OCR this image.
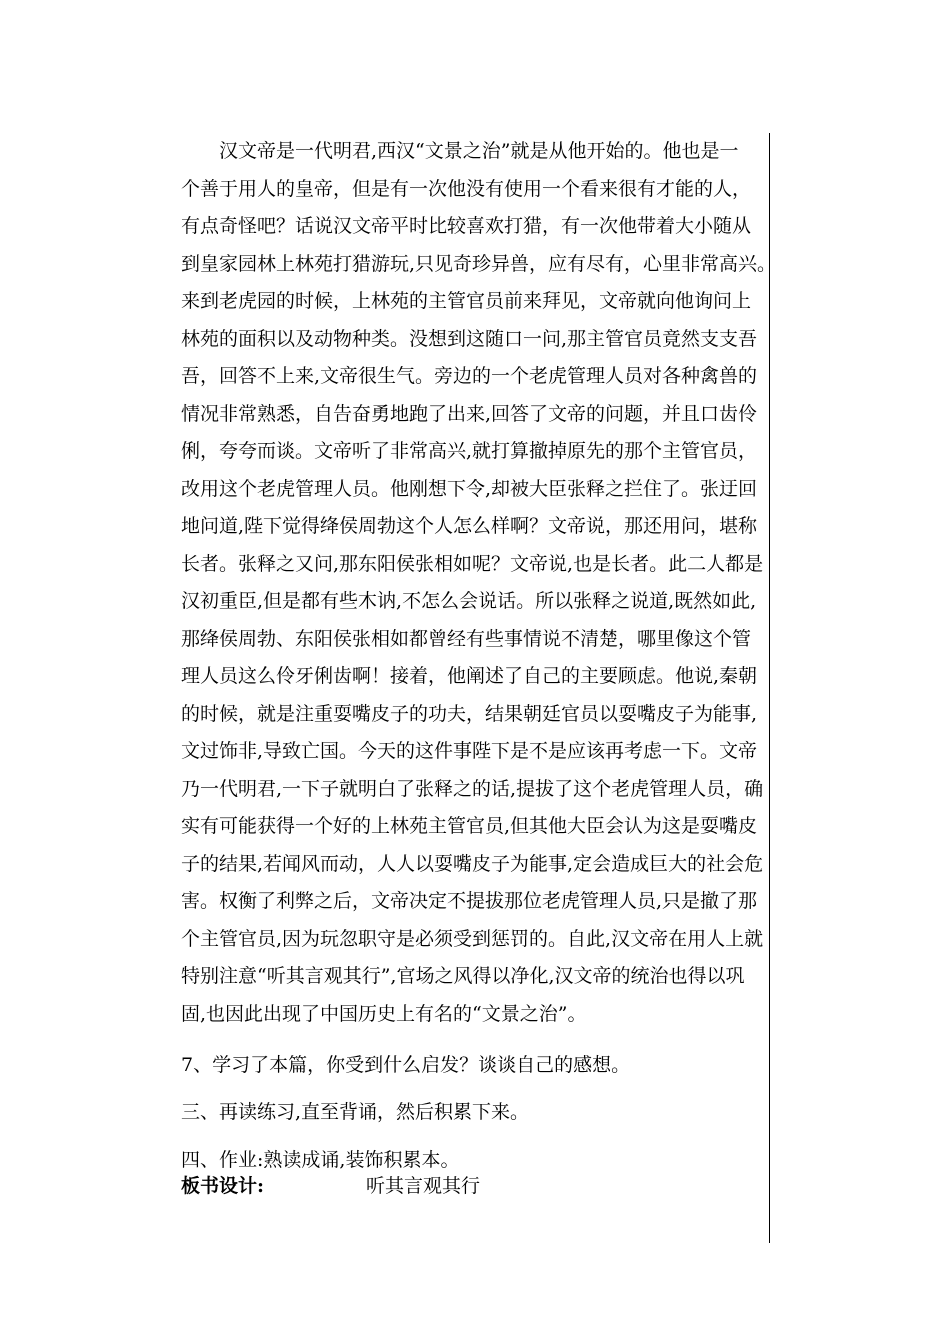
汉文帝是一代明君,西汉“文景之治”就是从他开始的。他也是一
个善于用人的皇帝，但是有一次他没有使用一个看来很有才能的人，
有点奇怪吧？话说汉文帝平时比较喜欢打猎，有一次他带着大小随从
到皇家园林上林苑打猎游玩,只见奇珍异兽，应有尽有，心里非常高兴。
来到老虎园的时候，上林苑的主管官员前来拜见，文帝就向他询问上
林苑的面积以及动物种类。没想到这随口一问,那主管官员竟然支支吾
吾，回答不上来,文帝很生气。旁边的一个老虎管理人员对各种禽兽的
情况非常熟悉，自告奋勇地跑了出来,回答了文帝的问题，并且口齿伶
俐，夸夸而谈。文帝听了非常高兴,就打算撤掉原先的那个主管官员，
改用这个老虎管理人员。他刚想下令,却被大臣张释之拦住了。张迂回
地问道,陛下觉得绛侯周勃这个人怎么样啊？文帝说，那还用问，堪称
长者。张释之又问,那东阳侯张相如呢？文帝说,也是长者。此二人都是
汉初重臣,但是都有些木讷,不怎么会说话。所以张释之说道,既然如此,
那绛侯周勃、东阳侯张相如都曾经有些事情说不清楚，哪里像这个管
理人员这么伶牙俐齿啊！接着，他阐述了自己的主要顾虑。他说,秦朝
的时候，就是注重耍嘴皮子的功夫，结果朝廷官员以耍嘴皮子为能事,
文过饰非,导致亡国。今天的这件事陛下是不是应该再考虑一下。文帝
乃一代明君,一下子就明白了张释之的话,提拔了这个老虎管理人员，确
实有可能获得一个好的上林苑主管官员,但其他大臣会认为这是耍嘴皮
子的结果,若闻风而动，人人以耍嘴皮子为能事,定会造成巨大的社会危
害。权衡了利弊之后，文帝决定不提拔那位老虎管理人员,只是撤了那
个主管官员,因为玩忽职守是必须受到惩罚的。自此,汉文帝在用人上就
特别注意“听其言观其行”,官场之风得以净化,汉文帝的统治也得以巩
固,也因此出现了中国历史上有名的“文景之治”。

7、学习了本篇，你受到什么启发？谈谈自己的感想。

三、再读练习,直至背诵，然后积累下来。

四、作业:熟读成诵,装饰积累本。

板书设计:	听其言观其行
